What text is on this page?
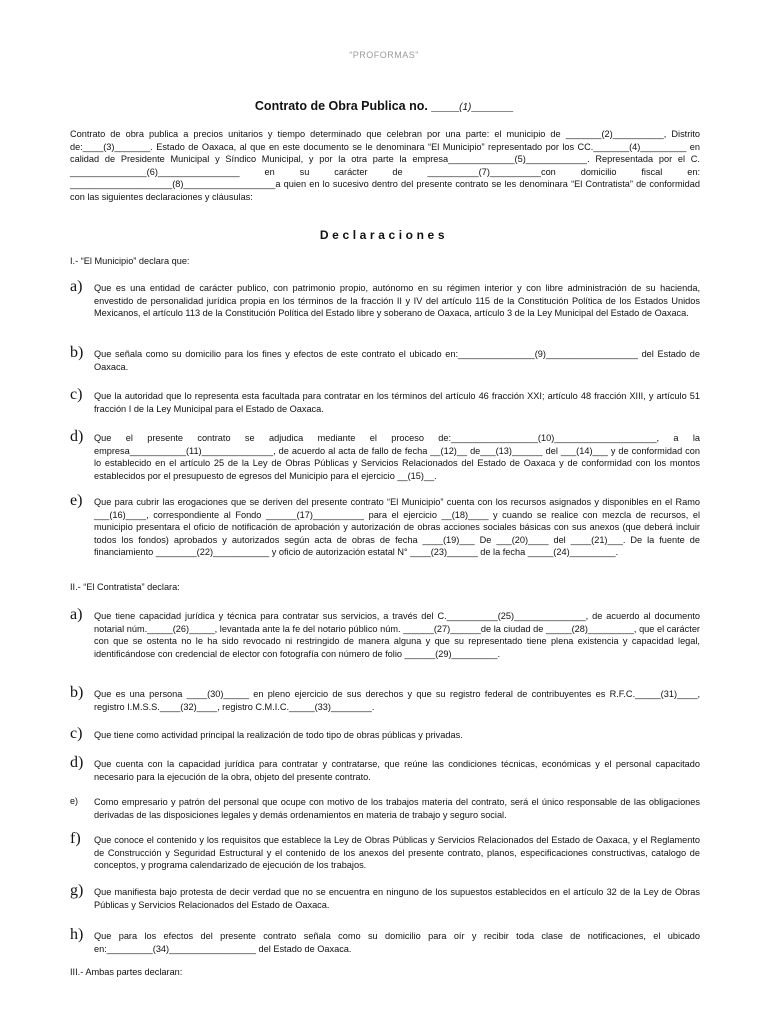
“PROFORMAS”
Contrato de Obra Publica no. ____(1)______
Contrato de obra publica a precios unitarios y tiempo determinado que celebran por una parte: el municipio de _______(2)__________, Distrito de:____(3)_______. Estado de Oaxaca, al que en este documento se le denominara “El Municipio” representado por los CC._______(4)_________ en calidad de Presidente Municipal y Síndico Municipal, y por la otra parte la empresa_____________(5)____________. Representada por el C. _______________(6)________________ en su carácter de __________(7)__________con domicilio fiscal en: ____________________(8)__________________a quien en lo sucesivo dentro del presente contrato se les denominara “El Contratista” de conformidad con las siguientes declaraciones y cláusulas:
Declaraciones
I.- “El Municipio” declara que:
a) Que es una entidad de carácter publico, con patrimonio propio, autónomo en su régimen interior y con libre administración de su hacienda, envestido de personalidad jurídica propia en los términos de la fracción II y IV del artículo 115 de la Constitución Política de los Estados Unidos Mexicanos, el artículo 113 de la Constitución Política del Estado libre y soberano de Oaxaca, artículo 3 de la Ley Municipal del Estado de Oaxaca.
b) Que señala como su domicilio para los fines y efectos de este contrato el ubicado en:_______________(9)__________________ del Estado de Oaxaca.
c) Que la autoridad que lo representa esta facultada para contratar en los términos del artículo 46 fracción XXI; artículo 48 fracción XIII, y artículo 51 fracción I de la Ley Municipal para el Estado de Oaxaca.
d) Que el presente contrato se adjudica mediante el proceso de:_________________(10)____________________, a la empresa___________(11)______________, de acuerdo al acta de fallo de fecha __(12)__ de___(13)______ del ___(14)___ y de conformidad con lo establecido en el artículo 25 de la Ley de Obras Públicas y Servicios Relacionados del Estado de Oaxaca y de conformidad con los montos establecidos por el presupuesto de egresos del Municipio para el ejercicio __(15)__.
e) Que para cubrir las erogaciones que se deriven del presente contrato “El Municipio” cuenta con los recursos asignados y disponibles en el Ramo ___(16)____, correspondiente al Fondo ______(17)__________ para el ejercicio __(18)____ y cuando se realice con mezcla de recursos, el municipio presentara el oficio de notificación de aprobación y autorización de obras acciones sociales básicas con sus anexos (que deberá incluir todos los fondos) aprobados y autorizados según acta de obras de fecha ____(19)___ De ___(20)____ del ____(21)___. De la fuente de financiamiento ________(22)___________ y oficio de autorización estatal N° ____(23)______ de la fecha _____(24)_________.
II.- “El Contratista” declara:
a) Que tiene capacidad jurídica y técnica para contratar sus servicios, a través del C.__________(25)______________, de acuerdo al documento notarial núm._____(26)_____, levantada ante la fe del notario público núm. ______(27)______de la ciudad de _____(28)_________, que el carácter con que se ostenta no le ha sido revocado ni restringido de manera alguna y que su representado tiene plena existencia y capacidad legal, identificándose con credencial de elector con fotografía con número de folio ______(29)_________.
b) Que es una persona ____(30)_____ en pleno ejercicio de sus derechos y que su registro federal de contribuyentes es R.F.C._____(31)____, registro I.M.S.S.____(32)____, registro C.M.I.C._____(33)________.
c) Que tiene como actividad principal la realización de todo tipo de obras públicas y privadas.
d) Que cuenta con la capacidad jurídica para contratar y contratarse, que reúne las condiciones técnicas, económicas y el personal capacitado necesario para la ejecución de la obra, objeto del presente contrato.
e) Como empresario y patrón del personal que ocupe con motivo de los trabajos materia del contrato, será el único responsable de las obligaciones derivadas de las disposiciones legales y demás ordenamientos en materia de trabajo y seguro social.
f) Que conoce el contenido y los requisitos que establece la Ley de Obras Públicas y Servicios Relacionados del Estado de Oaxaca, y el Reglamento de Construcción y Seguridad Estructural y el contenido de los anexos del presente contrato, planos, especificaciones constructivas, catalogo de conceptos, y programa calendarizado de ejecución de los trabajos.
g) Que manifiesta bajo protesta de decir verdad que no se encuentra en ninguno de los supuestos establecidos en el artículo 32 de la Ley de Obras Públicas y Servicios Relacionados del Estado de Oaxaca.
h) Que para los efectos del presente contrato señala como su domicilio para oír y recibir toda clase de notificaciones, el ubicado en:_________(34)_________________ del Estado de Oaxaca.
III.- Ambas partes declaran:
